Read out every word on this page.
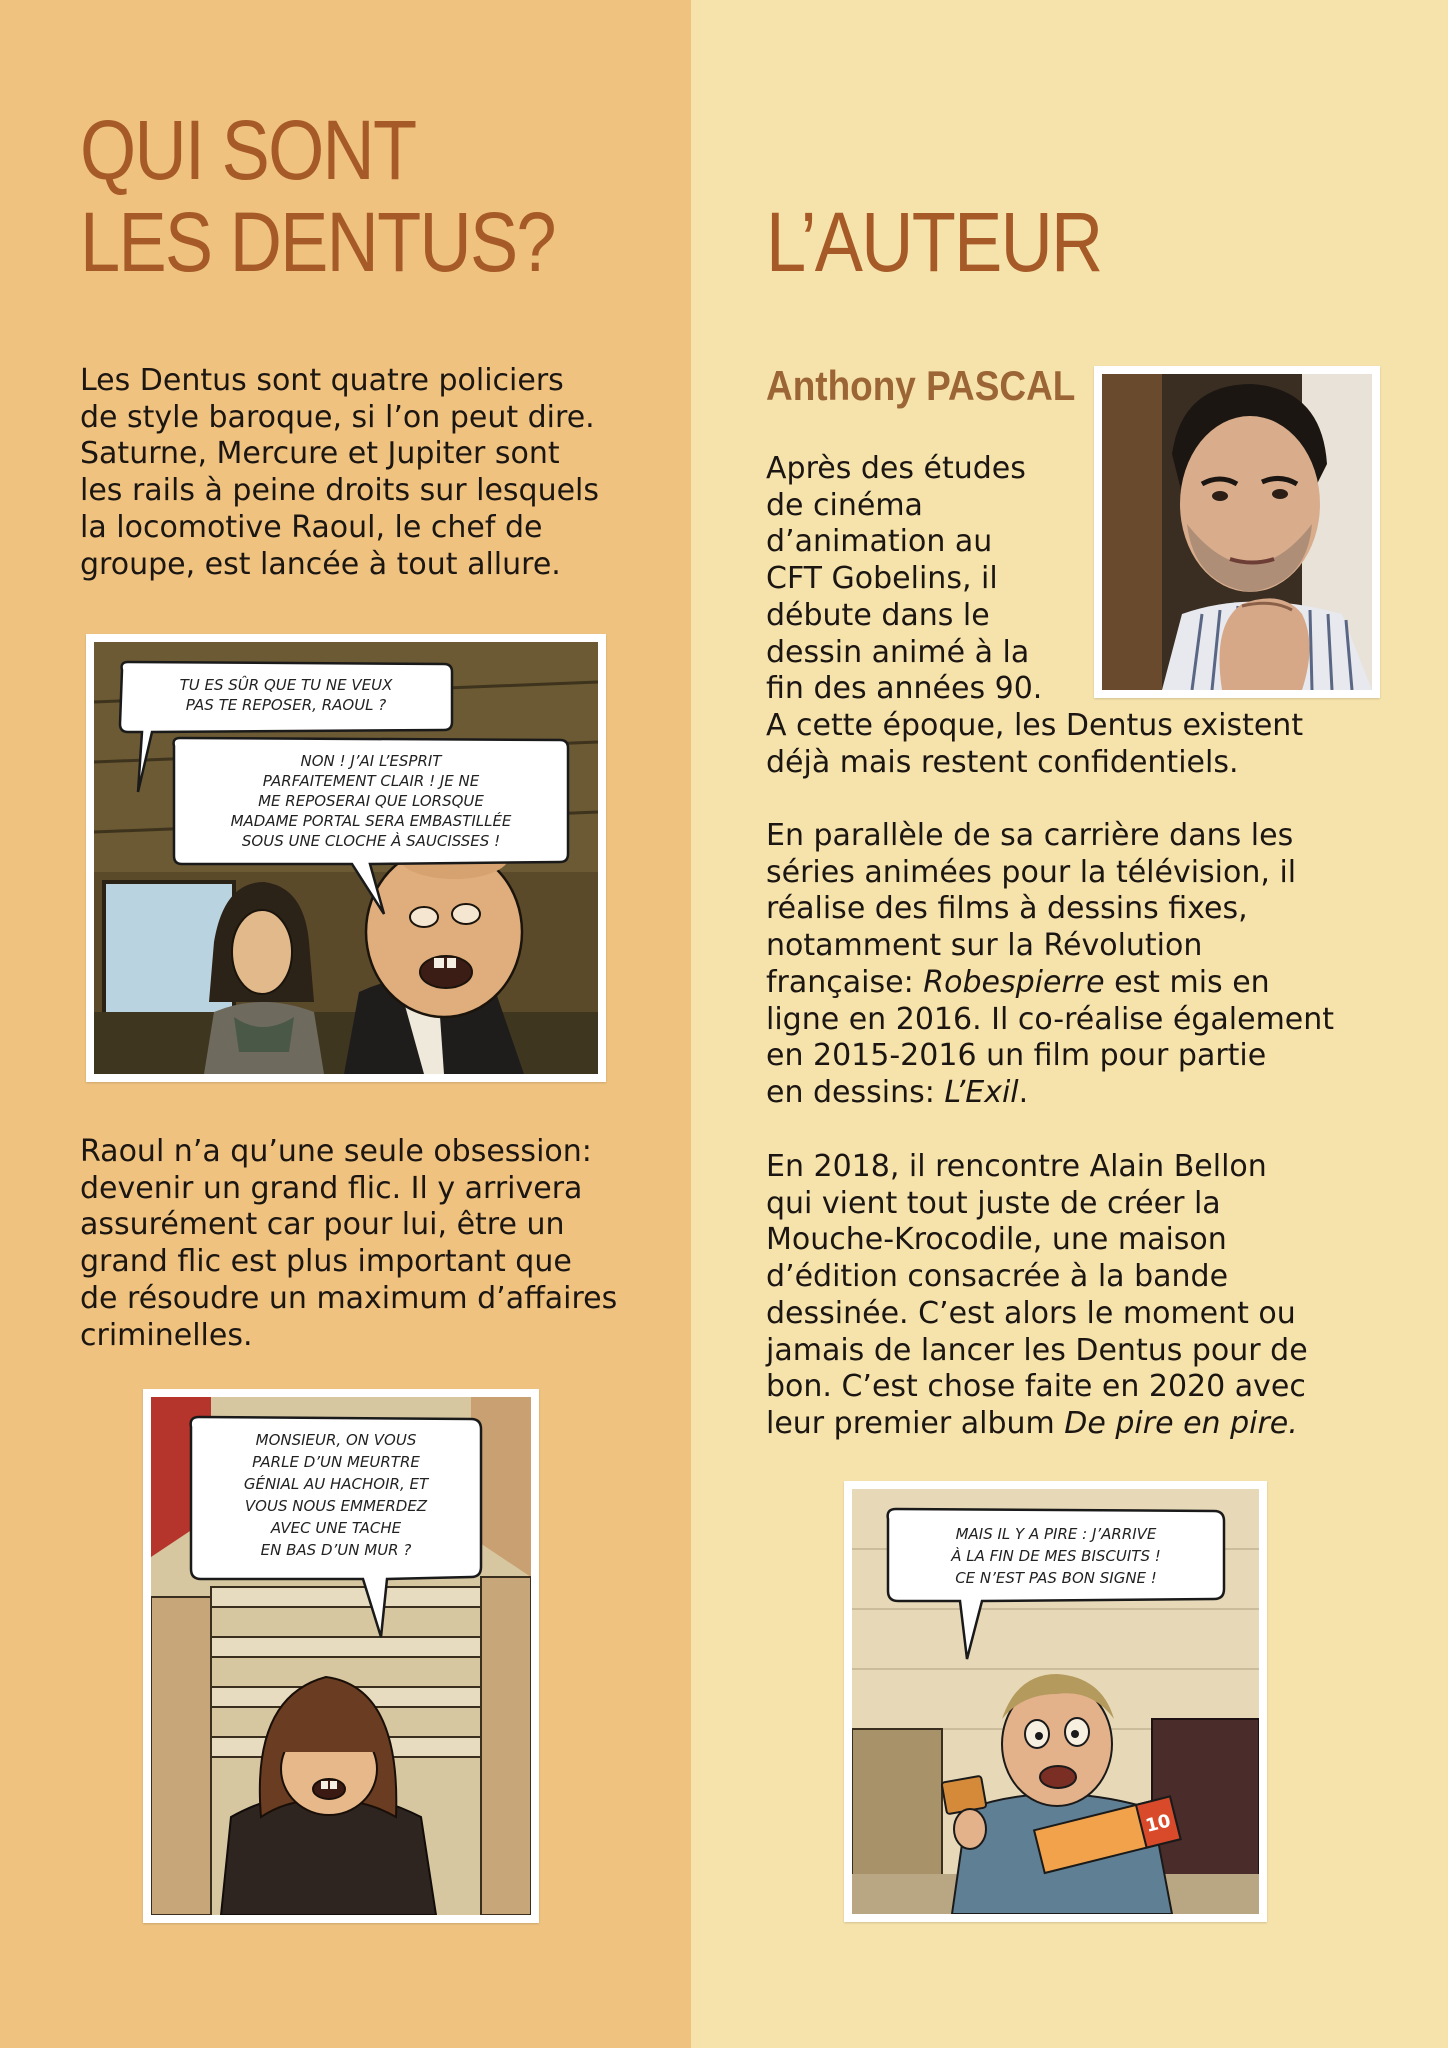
QUI SONT
LES DENTUS?

Les Dentus sont quatre policiers

de style baroque, si l’on peut dire.

Saturne, Mercure et Jupiter sont

les rails à peine droits sur lesquels

la locomotive Raoul, le chef de

groupe, est lancée à tout allure.

TU ES SÛR QUE TU NE VEUX
PAS TE REPOSER, RAOUL ?
NON ! J’AI L’ESPRIT
PARFAITEMENT CLAIR ! JE NE
ME REPOSERAI QUE LORSQUE
MADAME PORTAL SERA EMBASTILLÉE
SOUS UNE CLOCHE À SAUCISSES !

Raoul n’a qu’une seule obsession:

devenir un grand flic. Il y arrivera

assurément car pour lui, être un

grand flic est plus important que

de résoudre un maximum d’affaires

criminelles.

MONSIEUR, ON VOUS
PARLE D’UN MEURTRE
GÉNIAL AU HACHOIR, ET
VOUS NOUS EMMERDEZ
AVEC UNE TACHE
EN BAS D’UN MUR ?
L’AUTEUR
Anthony PASCAL

Après des études

de cinéma

d’animation au

CFT Gobelins, il

débute dans le

dessin animé à la

fin des années 90.

A cette époque, les Dentus existent

déjà mais restent confidentiels.

En parallèle de sa carrière dans les

séries animées pour la télévision, il

réalise des films à dessins fixes,

notamment sur la Révolution

française: Robespierre est mis en

ligne en 2016. Il co-réalise également

en 2015-2016 un film pour partie

en dessins: L’Exil.

En 2018, il rencontre Alain Bellon

qui vient tout juste de créer la

Mouche-Krocodile, une maison

d’édition consacrée à la bande

dessinée. C’est alors le moment ou

jamais de lancer les Dentus pour de

bon. C’est chose faite en 2020 avec

leur premier album De pire en pire.

10
MAIS IL Y A PIRE : J’ARRIVE
À LA FIN DE MES BISCUITS !
CE N’EST PAS BON SIGNE !
